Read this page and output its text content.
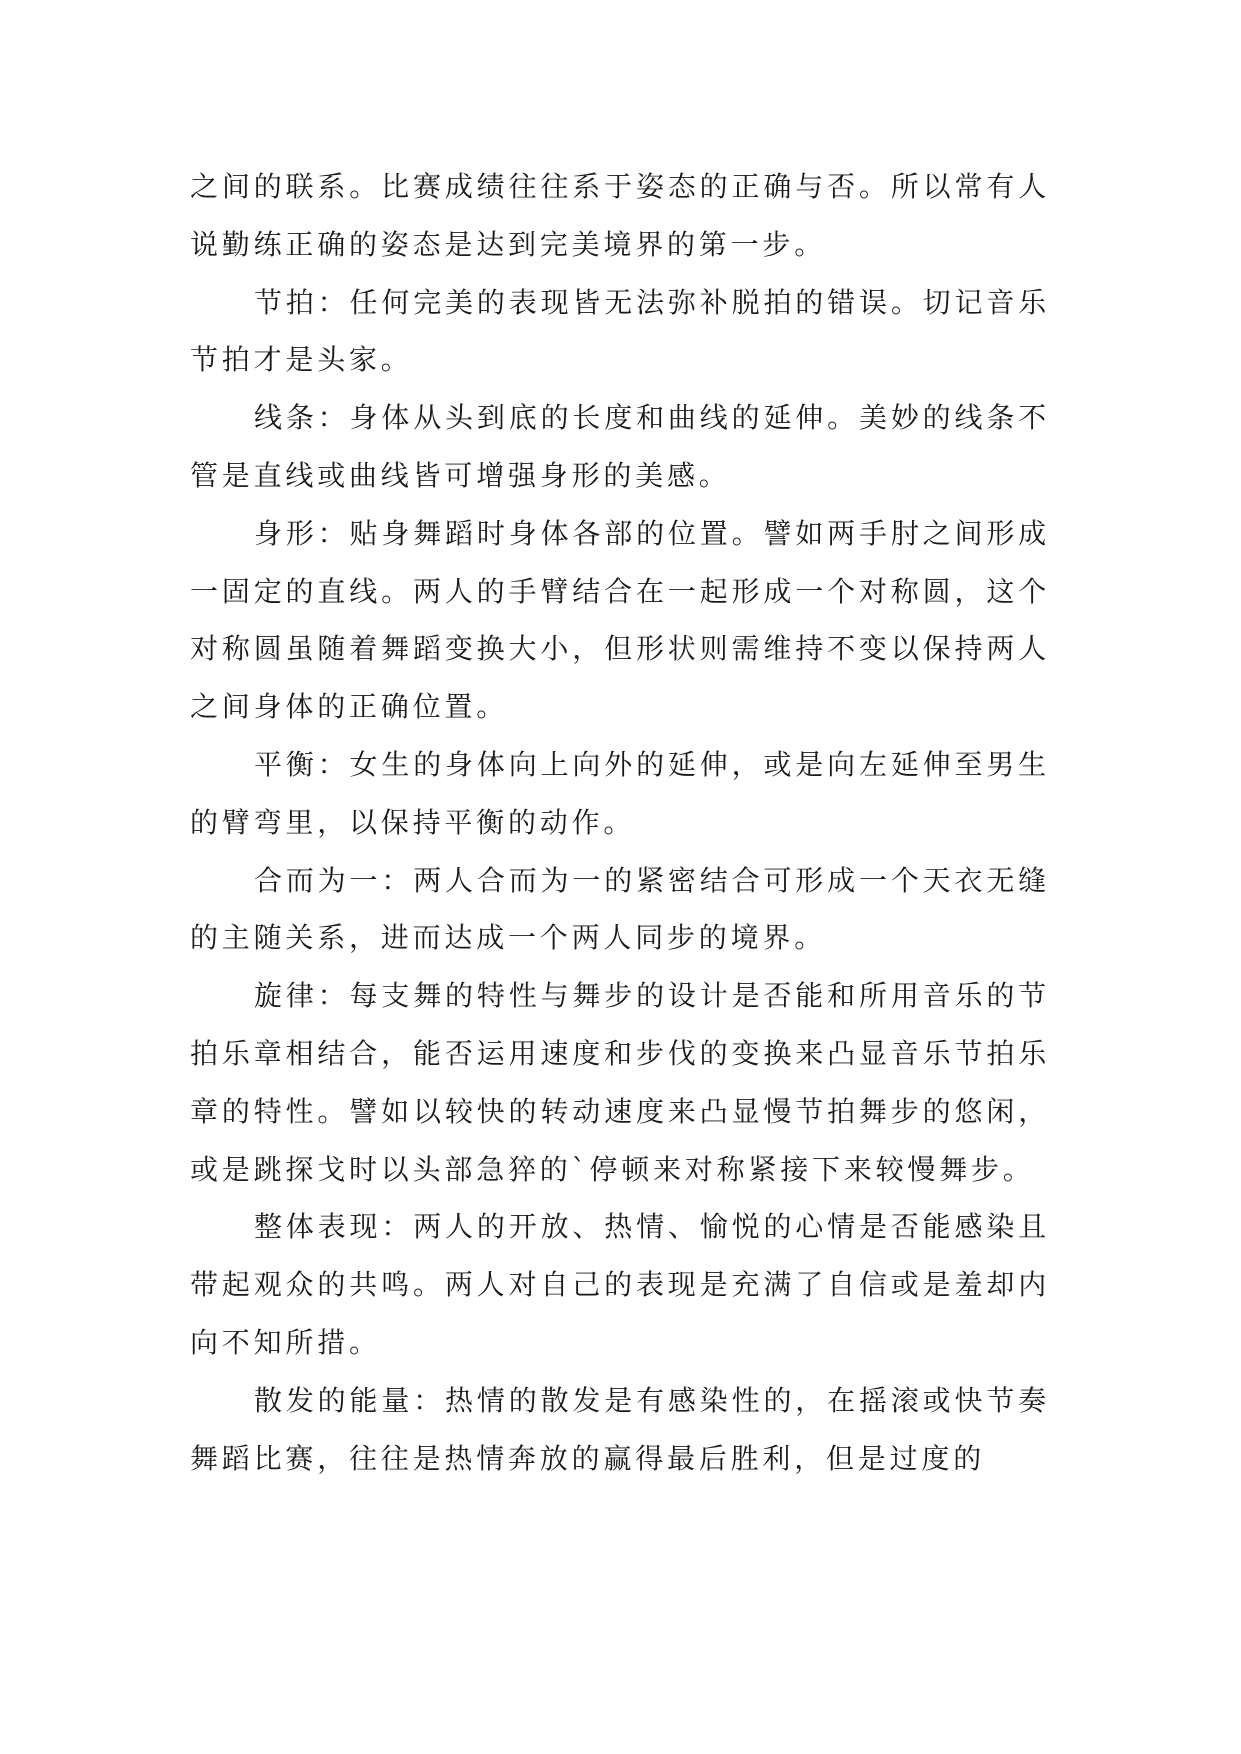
之间的联系。比赛成绩往往系于姿态的正确与否。所以常有人说勤练正确的姿态是达到完美境界的第一步。

节拍：任何完美的表现皆无法弥补脱拍的错误。切记音乐节拍才是头家。

线条：身体从头到底的长度和曲线的延伸。美妙的线条不管是直线或曲线皆可增强身形的美感。

身形：贴身舞蹈时身体各部的位置。譬如两手肘之间形成一固定的直线。两人的手臂结合在一起形成一个对称圆，这个对称圆虽随着舞蹈变换大小，但形状则需维持不变以保持两人之间身体的正确位置。

平衡：女生的身体向上向外的延伸，或是向左延伸至男生的臂弯里，以保持平衡的动作。

合而为一：两人合而为一的紧密结合可形成一个天衣无缝的主随关系，进而达成一个两人同步的境界。

旋律：每支舞的特性与舞步的设计是否能和所用音乐的节拍乐章相结合，能否运用速度和步伐的变换来凸显音乐节拍乐章的特性。譬如以较快的转动速度来凸显慢节拍舞步的悠闲，或是跳探戈时以头部急猝的`停顿来对称紧接下来较慢舞步。

整体表现：两人的开放、热情、愉悦的心情是否能感染且带起观众的共鸣。两人对自己的表现是充满了自信或是羞却内向不知所措。

散发的能量：热情的散发是有感染性的，在摇滚或快节奏舞蹈比赛，往往是热情奔放的赢得最后胜利，但是过度的
